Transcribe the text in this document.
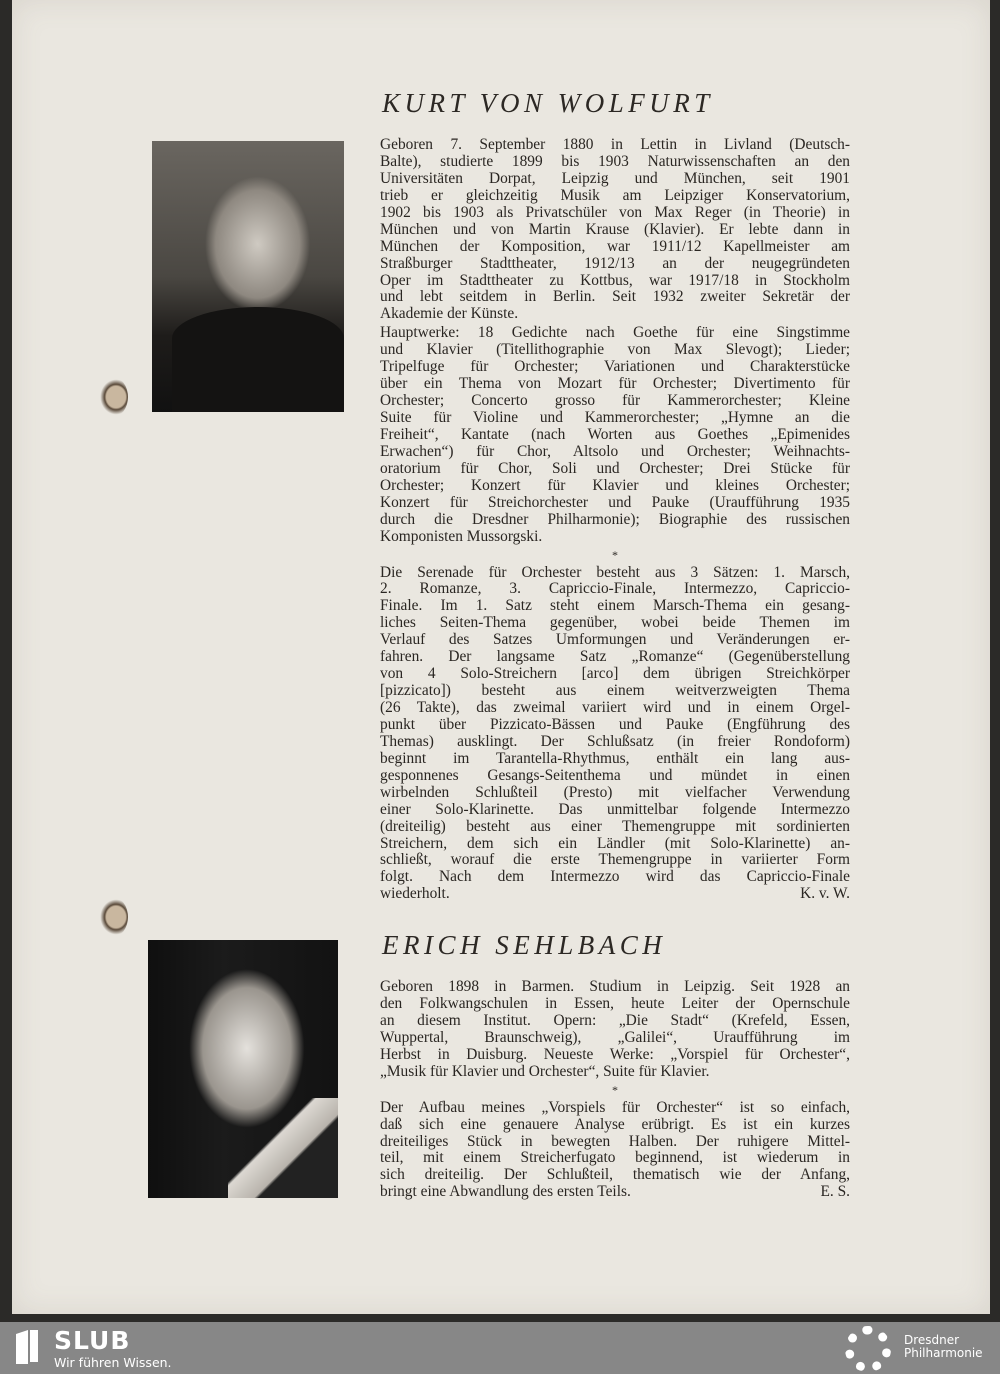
KURT VON WOLFURT
Geboren 7. September 1880 in Lettin in Livland (Deutsch-
Balte), studierte 1899 bis 1903 Naturwissenschaften an den
Universitäten Dorpat, Leipzig und München, seit 1901
trieb er gleichzeitig Musik am Leipziger Konservatorium,
1902 bis 1903 als Privatschüler von Max Reger (in Theorie) in
München und von Martin Krause (Klavier). Er lebte dann in
München der Komposition, war 1911/12 Kapellmeister am
Straßburger Stadttheater, 1912/13 an der neugegründeten
Oper im Stadttheater zu Kottbus, war 1917/18 in Stockholm
und lebt seitdem in Berlin. Seit 1932 zweiter Sekretär der
Akademie der Künste.
Hauptwerke: 18 Gedichte nach Goethe für eine Singstimme
und Klavier (Titellithographie von Max Slevogt); Lieder;
Tripelfuge für Orchester; Variationen und Charakterstücke
über ein Thema von Mozart für Orchester; Divertimento für
Orchester; Concerto grosso für Kammerorchester; Kleine
Suite für Violine und Kammerorchester; „Hymne an die
Freiheit“, Kantate (nach Worten aus Goethes „Epimenides
Erwachen“) für Chor, Altsolo und Orchester; Weihnachts-
oratorium für Chor, Soli und Orchester; Drei Stücke für
Orchester; Konzert für Klavier und kleines Orchester;
Konzert für Streichorchester und Pauke (Uraufführung 1935
durch die Dresdner Philharmonie); Biographie des russischen
Komponisten Mussorgski.
*
Die Serenade für Orchester besteht aus 3 Sätzen: 1. Marsch,
2. Romanze, 3. Capriccio-Finale, Intermezzo, Capriccio-
Finale. Im 1. Satz steht einem Marsch-Thema ein gesang-
liches Seiten-Thema gegenüber, wobei beide Themen im
Verlauf des Satzes Umformungen und Veränderungen er-
fahren. Der langsame Satz „Romanze“ (Gegenüberstellung
von 4 Solo-Streichern [arco] dem übrigen Streichkörper
[pizzicato]) besteht aus einem weitverzweigten Thema
(26 Takte), das zweimal variiert wird und in einem Orgel-
punkt über Pizzicato-Bässen und Pauke (Engführung des
Themas) ausklingt. Der Schlußsatz (in freier Rondoform)
beginnt im Tarantella-Rhythmus, enthält ein lang aus-
gesponnenes Gesangs-Seitenthema und mündet in einen
wirbelnden Schlußteil (Presto) mit vielfacher Verwendung
einer Solo-Klarinette. Das unmittelbar folgende Intermezzo
(dreiteilig) besteht aus einer Themengruppe mit sordinierten
Streichern, dem sich ein Ländler (mit Solo-Klarinette) an-
schließt, worauf die erste Themengruppe in variierter Form
folgt. Nach dem Intermezzo wird das Capriccio-Finale
wiederholt.	K. v. W.
ERICH SEHLBACH
Geboren 1898 in Barmen. Studium in Leipzig. Seit 1928 an
den Folkwangschulen in Essen, heute Leiter der Opernschule
an diesem Institut. Opern: „Die Stadt“ (Krefeld, Essen,
Wuppertal, Braunschweig), „Galilei“, Uraufführung im
Herbst in Duisburg. Neueste Werke: „Vorspiel für Orchester“,
„Musik für Klavier und Orchester“, Suite für Klavier.
*
Der Aufbau meines „Vorspiels für Orchester“ ist so einfach,
daß sich eine genauere Analyse erübrigt. Es ist ein kurzes
dreiteiliges Stück in bewegten Halben. Der ruhigere Mittel-
teil, mit einem Streicherfugato beginnend, ist wiederum in
sich dreiteilig. Der Schlußteil, thematisch wie der Anfang,
bringt eine Abwandlung des ersten Teils.	E. S.
SLUB
Wir führen Wissen.
Dresdner
Philharmonie
